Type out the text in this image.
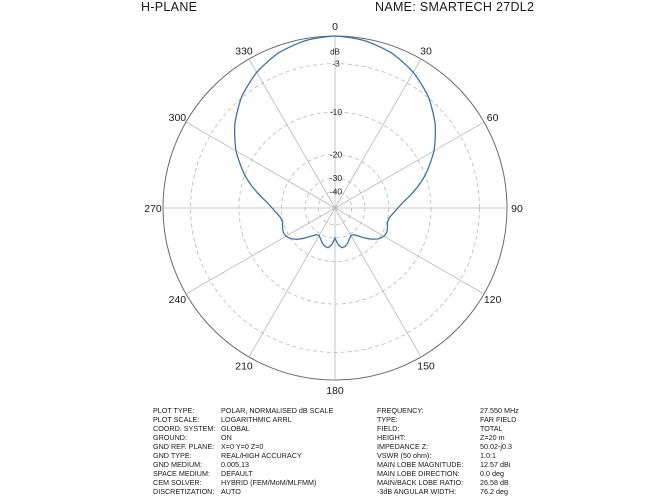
H-PLANE	NAME: SMARTECH 27DL2
-3
-10
-20
-30
-40
0
30
60
90
120
150
180
210
240
270
300
330	dB
PLOT TYPE:	POLAR, NORMALISED dB SCALE
PLOT SCALE:	LOGARITHMIC ARRL
COORD. SYSTEM: GLOBAL
GROUND:	ON
GND REF. PLANE: X=0 Y=0 Z=0
GND TYPE:	REAL/HIGH ACCURACY
GND MEDIUM:	0.005,13
SPACE MEDIUM:	DEFAULT
CEM SOLVER:	HYBRID (FEM/MoM/MLFMM)
DISCRETIZATION: AUTO
FREQUENCY:	27.550 MHz
TYPE:	FAR FIELD
FIELD:	TOTAL
HEIGHT:	Z=20 m
IMPEDANCE Z:	50.02-j0.3
VSWR (50 ohm):	1.0:1
MAIN LOBE MAGNITUDE:	12.57 dBi
MAIN LOBE DIRECTION:	0.0 deg
MAIN/BACK LOBE RATIO:	26.58 dB
-3dB ANGULAR WIDTH:	76.2 deg
